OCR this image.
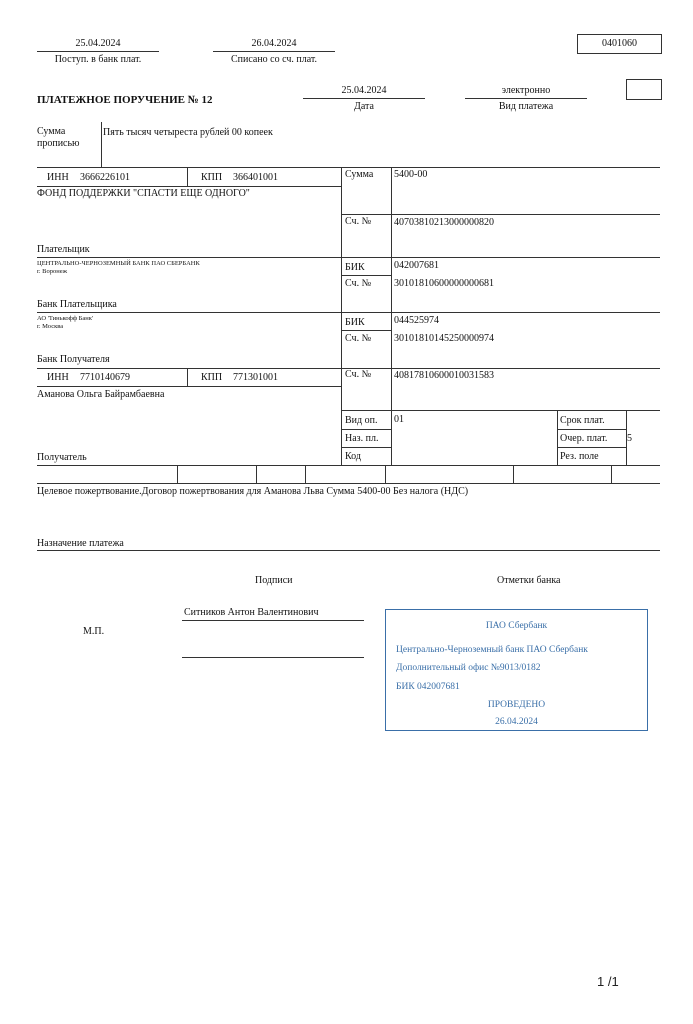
25.04.2024
Поступ. в банк плат.
26.04.2024
Списано со сч. плат.
0401060
ПЛАТЕЖНОЕ ПОРУЧЕНИЕ № 12
25.04.2024
Дата
электронно
Вид платежа
Сумма
прописью
Пять тысяч четыреста рублей 00 копеек
ИНН 3666226101	КПП 366401001
ФОНД ПОДДЕРЖКИ "СПАСТИ ЕЩЕ ОДНОГО"
Плательщик
Сумма 5400-00
Сч. № 40703810213000000820
ЦЕНТРАЛЬНО-ЧЕРНОЗЕМНЫЙ БАНК ПАО СБЕРБАНК
г. Воронеж
Банк Плательщика
БИК	042007681
Сч. № 30101810600000000681
АО 'Тинькофф Банк'
г. Москва
Банк Получателя
БИК	044525974
Сч. № 30101810145250000974
ИНН 7710140679	КПП 771301001
Аманова Ольга Байрамбаевна
Получатель
Сч. № 40817810600010031583
Вид оп. 01
Наз. пл.
Код
Срок плат.
Очер. плат. 5
Рез. поле
Целевое пожертвование.Договор пожертвования для Аманова Льва Сумма 5400-00 Без налога (НДС)
Назначение платежа
Подписи	Отметки банка
М.П.
Ситников Антон Валентинович
ПАО Сбербанк
Центрально-Черноземный банк ПАО Сбербанк
Дополнительный офис №9013/0182
БИК 042007681
ПРОВЕДЕНО
26.04.2024
1 /1
